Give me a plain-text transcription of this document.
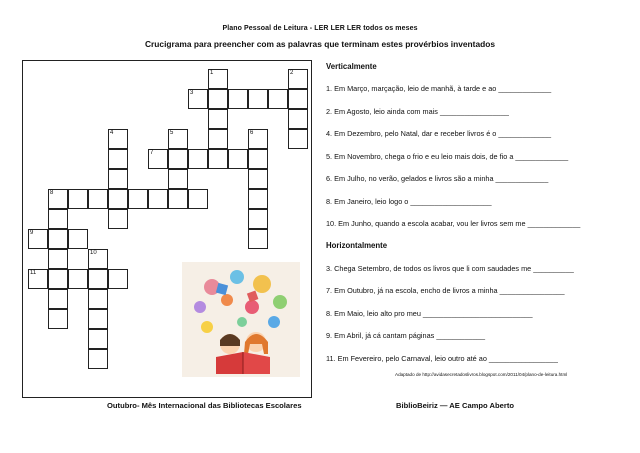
Plano Pessoal de Leitura - LER LER LER todos os meses
Crucigrama para preencher com as palavras que terminam estes provérbios inventados
1	2
3
4	5	6
7
8
9
10
11
Verticalmente
1. Em Março, marçação, leio de manhã, à tarde e ao _____________
2. Em Agosto, leio ainda com mais _________________
4. Em Dezembro, pelo Natal, dar e receber livros é o _____________
5. Em Novembro, chega o frio e eu leio mais dois, de fio a _____________
6. Em Julho, no verão, gelados e livros são a minha _____________
8. Em Janeiro, leio logo o ____________________
10. Em Junho, quando a escola acabar, vou ler livros sem me _____________
Horizontalmente
3. Chega Setembro, de todos os livros que li com saudades me __________
7. Em Outubro, já na escola, encho de livros a minha ________________
8. Em Maio, leio alto pro meu ___________________________
9. Em Abril, já cá cantam páginas ____________
11. Em Fevereiro, pelo Carnaval, leio outro até ao _________________
Adaptado de http://avidasecretadoslivros.blogspot.com/2011/04/plano-de-leitura.html
Outubro- Mês Internacional das Bibliotecas Escolares	BiblioBeiriz — AE Campo Aberto
